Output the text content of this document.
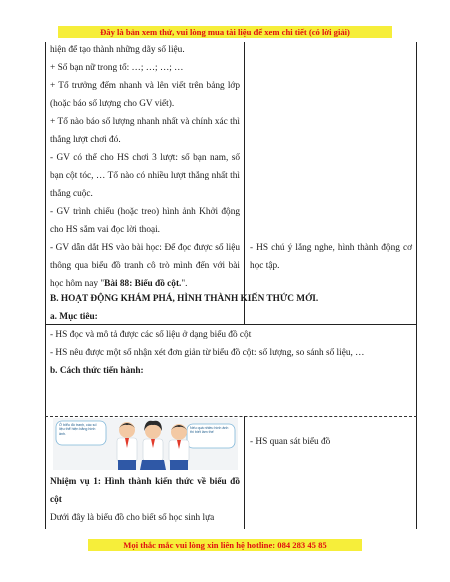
Đây là bản xem thử, vui lòng mua tài liệu để xem chi tiết (có lời giải)

hiện để tạo thành những dãy số liệu.

+ Số bạn nữ trong tổ: …; …; …; …

+ Tổ trưởng đếm nhanh và lên viết trên bảng lớp (hoặc báo số lượng cho GV viết).

+ Tổ nào báo số lượng nhanh nhất và chính xác thì thắng lượt chơi đó.

- GV có thể cho HS chơi 3 lượt: số bạn nam, số bạn cột tóc, … Tổ nào có nhiều lượt thắng nhất thì thắng cuộc.

- GV trình chiếu (hoặc treo) hình ảnh Khởi động cho HS sắm vai đọc lời thoại.

- GV dẫn dắt HS vào bài học: Để đọc được số liệu thông qua biểu đồ tranh cô trò mình đến với bài học hôm nay "Bài 88: Biểu đồ cột.".

- HS chú ý lắng nghe, hình thành động cơ học tập.

B. HOẠT ĐỘNG KHÁM PHÁ, HÌNH THÀNH KIẾN THỨC MỚI.

a. Mục tiêu:

- HS đọc và mô tả được các số liệu ở dạng biểu đồ cột

- HS nêu được một số nhận xét đơn giản từ biểu đồ cột: số lượng, so sánh số liệu, …

b. Cách thức tiến hành:

Ở biểu đồ tranh, các số liệu thể hiện bằng hình ảnh.
Nếu quá nhiều hình ảnh thì biết làm thế

- HS quan sát biểu đồ

Nhiệm vụ 1: Hình thành kiến thức về biểu đồ cột

Dưới đây là biểu đồ cho biết số học sinh lựa

Mọi thắc mắc vui lòng xin liên hệ hotline: 084 283 45 85
